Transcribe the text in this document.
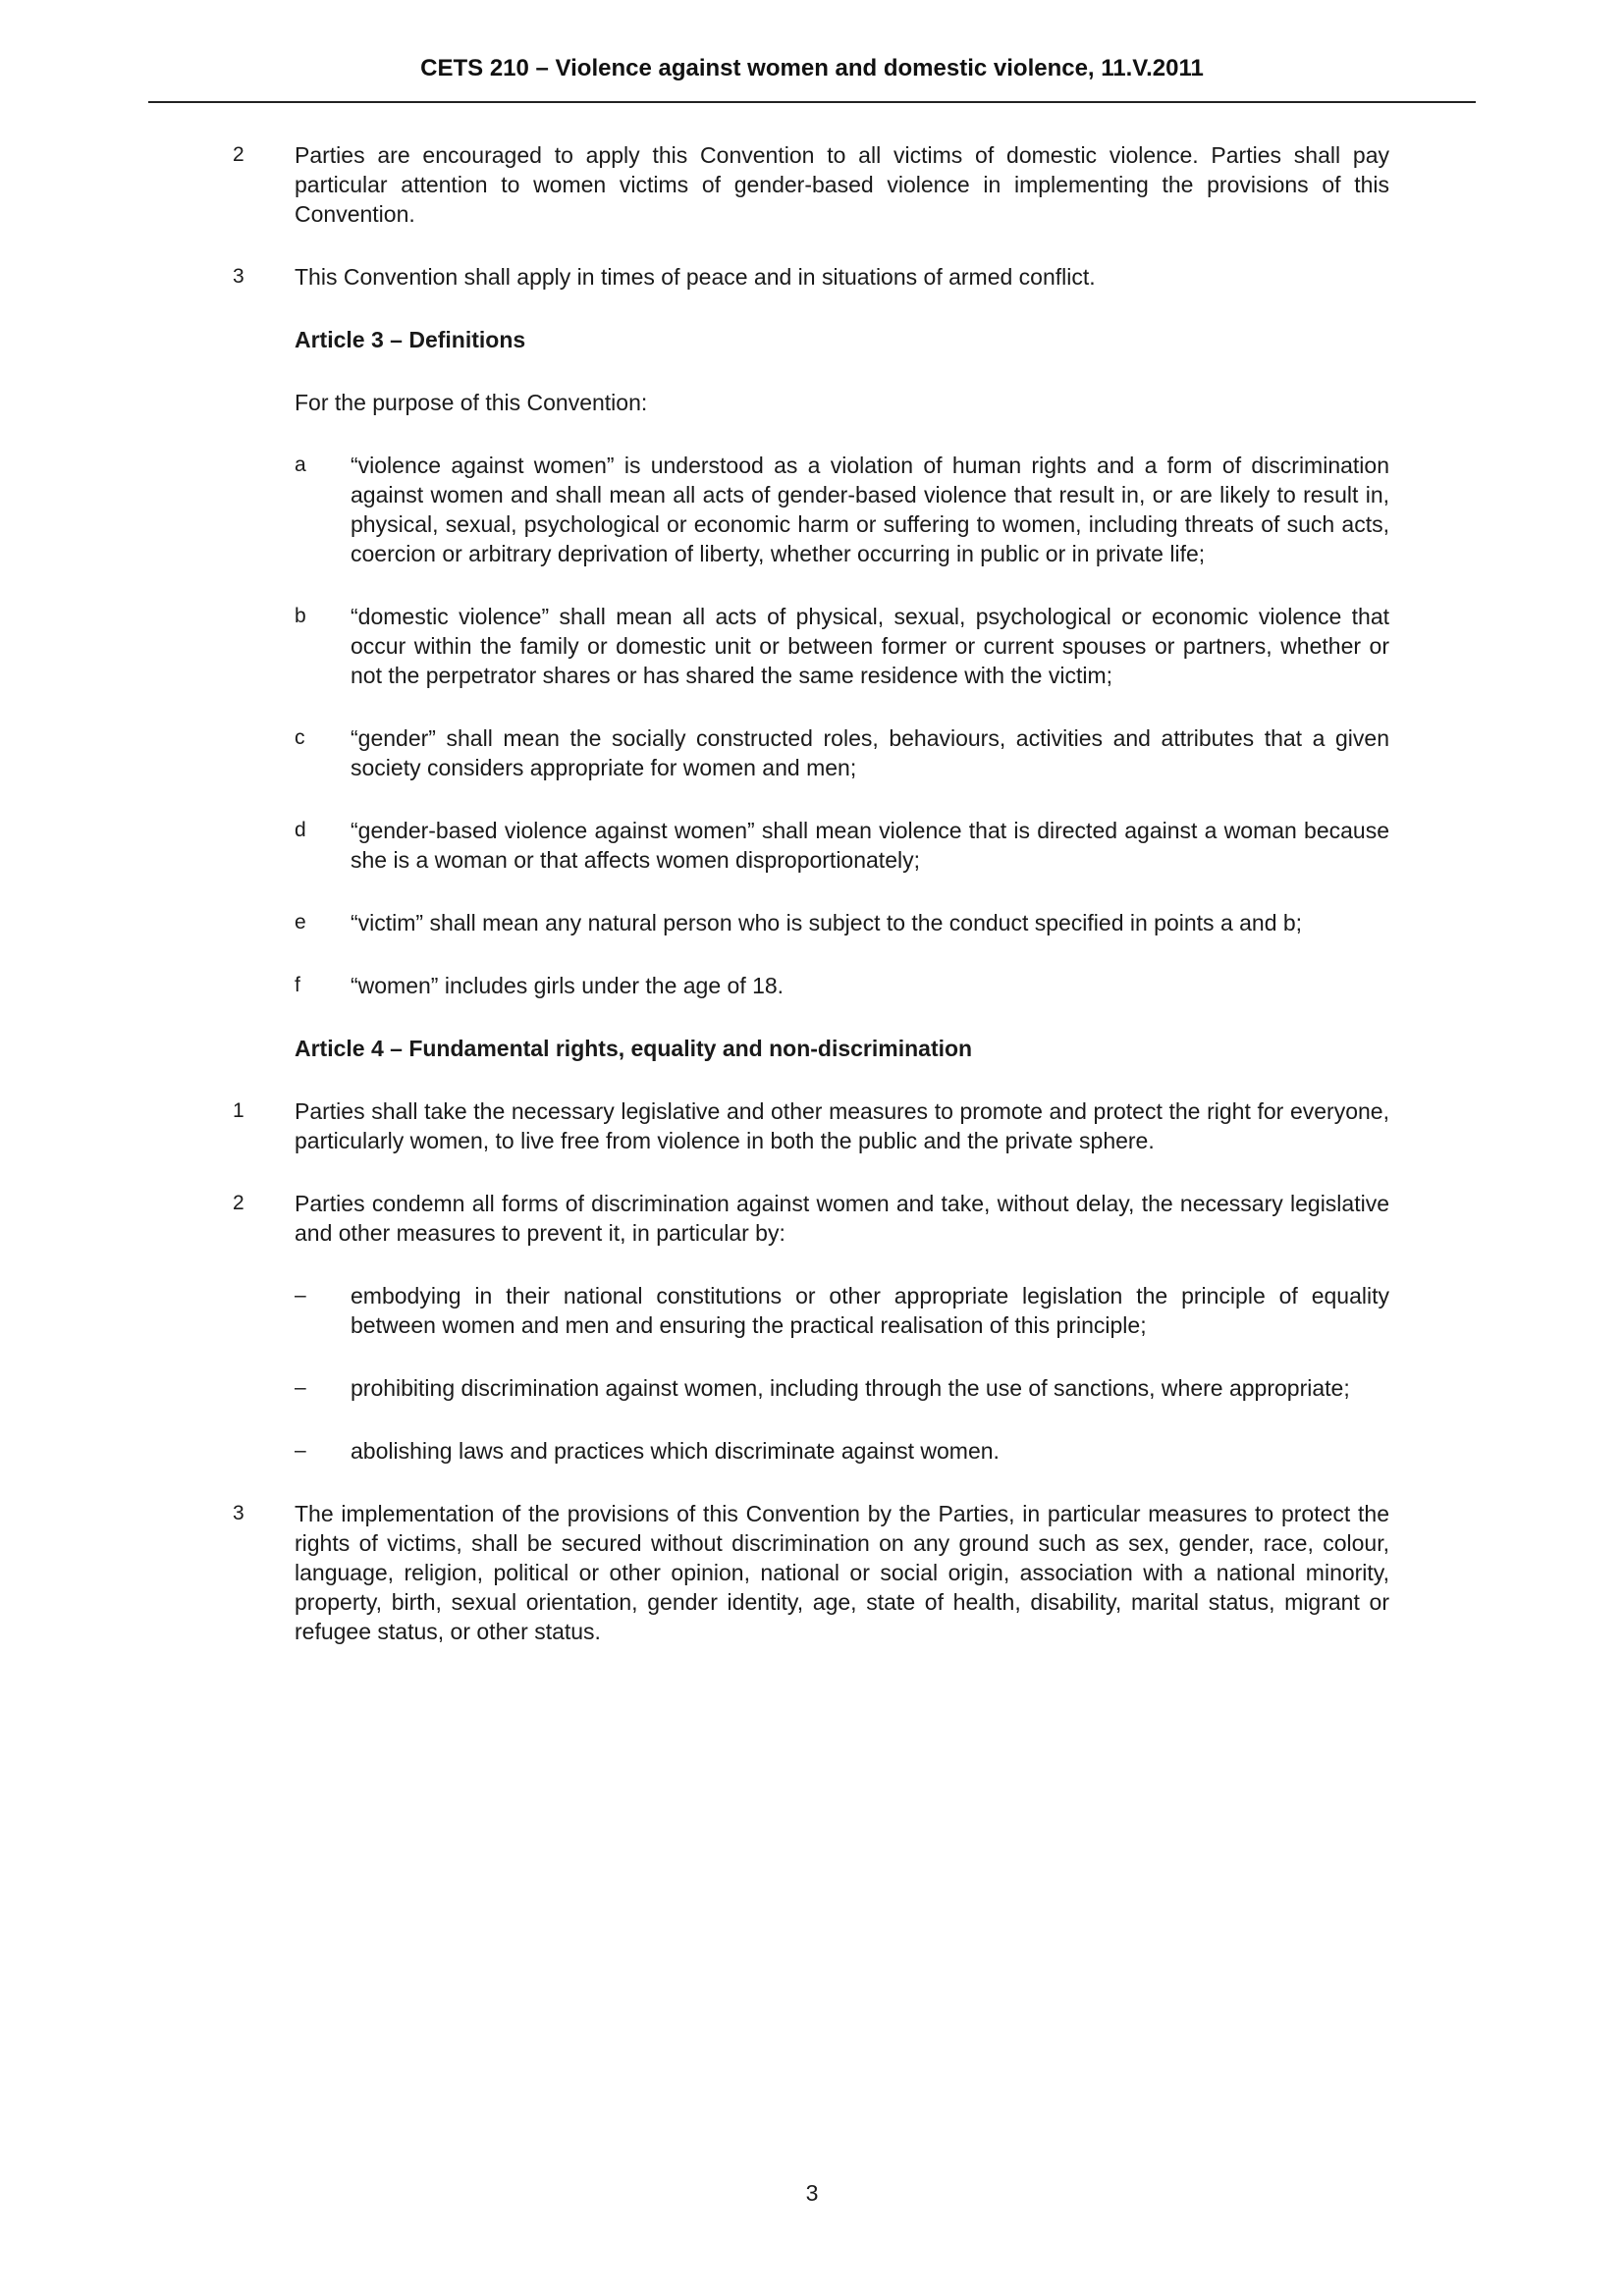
CETS 210 – Violence against women and domestic violence, 11.V.2011
2	Parties are encouraged to apply this Convention to all victims of domestic violence. Parties shall pay particular attention to women victims of gender-based violence in implementing the provisions of this Convention.
3	This Convention shall apply in times of peace and in situations of armed conflict.
Article 3 – Definitions
For the purpose of this Convention:
a	“violence against women” is understood as a violation of human rights and a form of discrimination against women and shall mean all acts of gender-based violence that result in, or are likely to result in, physical, sexual, psychological or economic harm or suffering to women, including threats of such acts, coercion or arbitrary deprivation of liberty, whether occurring in public or in private life;
b	“domestic violence” shall mean all acts of physical, sexual, psychological or economic violence that occur within the family or domestic unit or between former or current spouses or partners, whether or not the perpetrator shares or has shared the same residence with the victim;
c	“gender” shall mean the socially constructed roles, behaviours, activities and attributes that a given society considers appropriate for women and men;
d	“gender-based violence against women” shall mean violence that is directed against a woman because she is a woman or that affects women disproportionately;
e	“victim” shall mean any natural person who is subject to the conduct specified in points a and b;
f	“women” includes girls under the age of 18.
Article 4 – Fundamental rights, equality and non-discrimination
1	Parties shall take the necessary legislative and other measures to promote and protect the right for everyone, particularly women, to live free from violence in both the public and the private sphere.
2	Parties condemn all forms of discrimination against women and take, without delay, the necessary legislative and other measures to prevent it, in particular by:
–	embodying in their national constitutions or other appropriate legislation the principle of equality between women and men and ensuring the practical realisation of this principle;
–	prohibiting discrimination against women, including through the use of sanctions, where appropriate;
–	abolishing laws and practices which discriminate against women.
3	The implementation of the provisions of this Convention by the Parties, in particular measures to protect the rights of victims, shall be secured without discrimination on any ground such as sex, gender, race, colour, language, religion, political or other opinion, national or social origin, association with a national minority, property, birth, sexual orientation, gender identity, age, state of health, disability, marital status, migrant or refugee status, or other status.
3
